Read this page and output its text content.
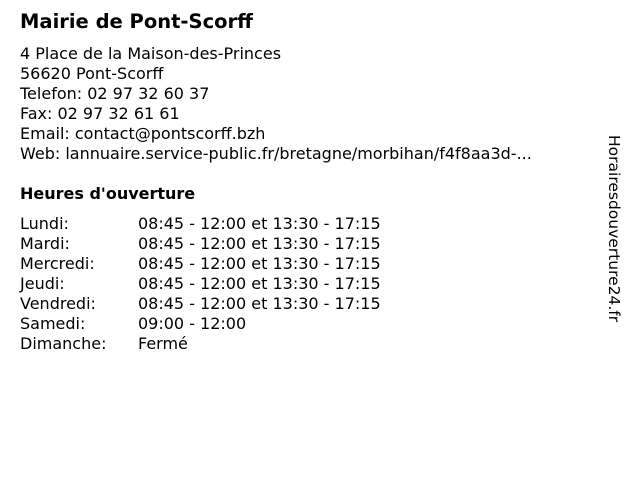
Mairie de Pont-Scorff
4 Place de la Maison-des-Princes
56620 Pont-Scorff
Telefon: 02 97 32 60 37
Fax: 02 97 32 61 61
Email: contact@pontscorff.bzh
Web: lannuaire.service-public.fr/bretagne/morbihan/f4f8aa3d-...
Heures d'ouverture
Lundi:	08:45 - 12:00 et 13:30 - 17:15
Mardi:	08:45 - 12:00 et 13:30 - 17:15
Mercredi:	08:45 - 12:00 et 13:30 - 17:15
Jeudi:	08:45 - 12:00 et 13:30 - 17:15
Vendredi:	08:45 - 12:00 et 13:30 - 17:15
Samedi:	09:00 - 12:00
Dimanche: Fermé
Horairesdouverture24.fr
